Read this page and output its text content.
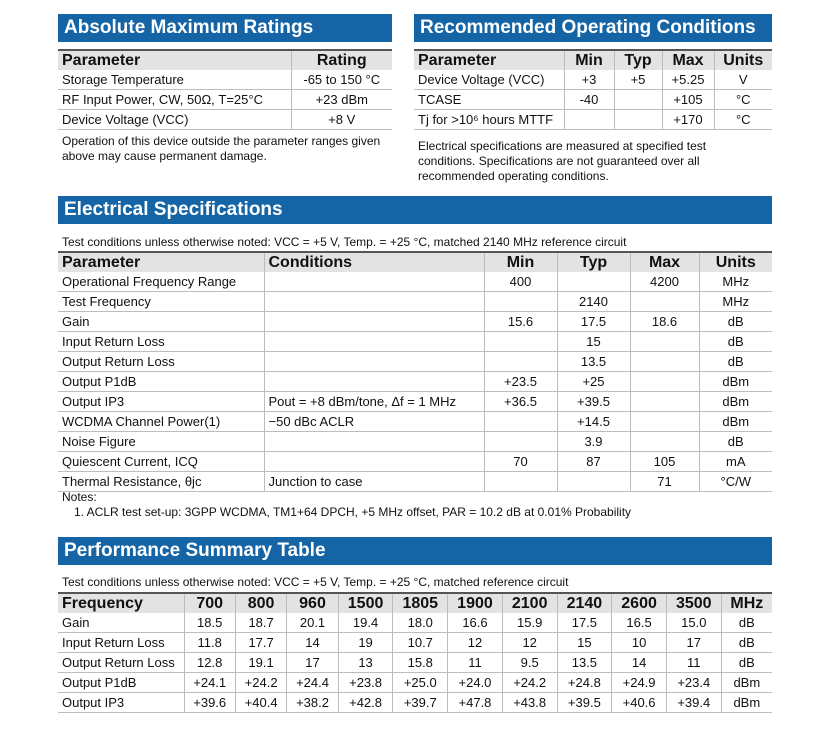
Absolute Maximum Ratings
Parameter	Rating
Storage Temperature	-65 to 150 °C
RF Input Power, CW, 50Ω, T=25°C	+23 dBm
Device Voltage (VCC)	+8 V
Operation of this device outside the parameter ranges given above may cause permanent damage.
Recommended Operating Conditions
Parameter	Min	Typ	Max	Units
Device Voltage (VCC)	+3	+5	+5.25	V
TCASE	-40		+105	°C
Tj for >10⁶ hours MTTF			+170	°C
Electrical specifications are measured at specified test conditions. Specifications are not guaranteed over all recommended operating conditions.
Electrical Specifications
Test conditions unless otherwise noted: VCC = +5 V, Temp. = +25 °C, matched 2140 MHz reference circuit
Parameter	Conditions	Min	Typ	Max	Units
Operational Frequency Range		400		4200	MHz
Test Frequency			2140		MHz
Gain		15.6	17.5	18.6	dB
Input Return Loss			15		dB
Output Return Loss			13.5		dB
Output P1dB		+23.5	+25		dBm
Output IP3	Pout = +8 dBm/tone, Δf = 1 MHz	+36.5	+39.5		dBm
WCDMA Channel Power(1)	−50 dBc ACLR		+14.5		dBm
Noise Figure			3.9		dB
Quiescent Current, ICQ		70	87	105	mA
Thermal Resistance, θjc	Junction to case			71	°C/W
Notes:
1. ACLR test set-up: 3GPP WCDMA, TM1+64 DPCH, +5 MHz offset, PAR = 10.2 dB at 0.01% Probability
Performance Summary Table
Test conditions unless otherwise noted: VCC = +5 V, Temp. = +25 °C, matched reference circuit
Frequency	700	800	960	1500	1805	1900	2100	2140	2600	3500	MHz
Gain	18.5	18.7	20.1	19.4	18.0	16.6	15.9	17.5	16.5	15.0	dB
Input Return Loss	11.8	17.7	14	19	10.7	12	12	15	10	17	dB
Output Return Loss	12.8	19.1	17	13	15.8	11	9.5	13.5	14	11	dB
Output P1dB	+24.1	+24.2	+24.4	+23.8	+25.0	+24.0	+24.2	+24.8	+24.9	+23.4	dBm
Output IP3	+39.6	+40.4	+38.2	+42.8	+39.7	+47.8	+43.8	+39.5	+40.6	+39.4	dBm
